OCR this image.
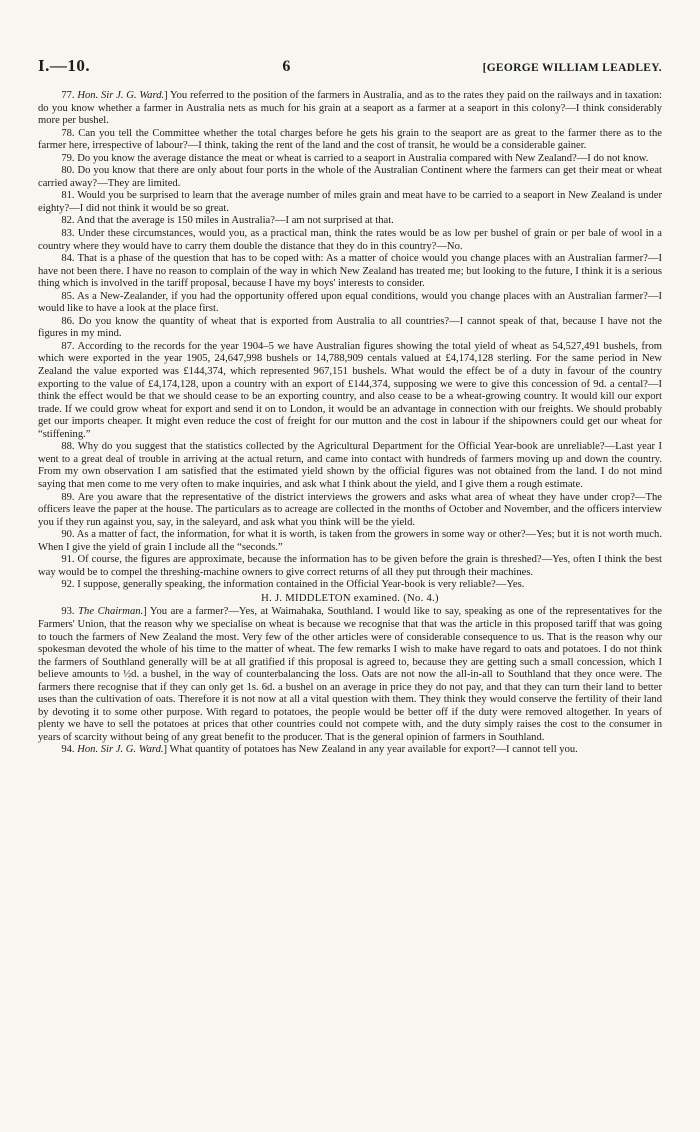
I.—10.	6	[GEORGE WILLIAM LEADLEY.

77. Hon. Sir J. G. Ward.] You referred to the position of the farmers in Australia, and as to the rates they paid on the railways and in taxation: do you know whether a farmer in Australia nets as much for his grain at a seaport as a farmer at a seaport in this colony?—I think considerably more per bushel.

78. Can you tell the Committee whether the total charges before he gets his grain to the seaport are as great to the farmer there as to the farmer here, irrespective of labour?—I think, taking the rent of the land and the cost of transit, he would be a considerable gainer.

79. Do you know the average distance the meat or wheat is carried to a seaport in Australia compared with New Zealand?—I do not know.

80. Do you know that there are only about four ports in the whole of the Australian Continent where the farmers can get their meat or wheat carried away?—They are limited.

81. Would you be surprised to learn that the average number of miles grain and meat have to be carried to a seaport in New Zealand is under eighty?—I did not think it would be so great.

82. And that the average is 150 miles in Australia?—I am not surprised at that.

83. Under these circumstances, would you, as a practical man, think the rates would be as low per bushel of grain or per bale of wool in a country where they would have to carry them double the distance that they do in this country?—No.

84. That is a phase of the question that has to be coped with: As a matter of choice would you change places with an Australian farmer?—I have not been there. I have no reason to complain of the way in which New Zealand has treated me; but looking to the future, I think it is a serious thing which is involved in the tariff proposal, because I have my boys' interests to consider.

85. As a New-Zealander, if you had the opportunity offered upon equal conditions, would you change places with an Australian farmer?—I would like to have a look at the place first.

86. Do you know the quantity of wheat that is exported from Australia to all countries?—I cannot speak of that, because I have not the figures in my mind.

87. According to the records for the year 1904–5 we have Australian figures showing the total yield of wheat as 54,527,491 bushels, from which were exported in the year 1905, 24,647,998 bushels or 14,788,909 centals valued at £4,174,128 sterling. For the same period in New Zealand the value exported was £144,374, which represented 967,151 bushels. What would the effect be of a duty in favour of the country exporting to the value of £4,174,128, upon a country with an export of £144,374, supposing we were to give this concession of 9d. a cental?—I think the effect would be that we should cease to be an exporting country, and also cease to be a wheat-growing country. It would kill our export trade. If we could grow wheat for export and send it on to London, it would be an advantage in connection with our freights. We should probably get our imports cheaper. It might even reduce the cost of freight for our mutton and the cost in labour if the shipowners could get our wheat for “stiffening.”

88. Why do you suggest that the statistics collected by the Agricultural Department for the Official Year-book are unreliable?—Last year I went to a great deal of trouble in arriving at the actual return, and came into contact with hundreds of farmers moving up and down the country. From my own observation I am satisfied that the estimated yield shown by the official figures was not obtained from the land. I do not mind saying that men come to me very often to make inquiries, and ask what I think about the yield, and I give them a rough estimate.

89. Are you aware that the representative of the district interviews the growers and asks what area of wheat they have under crop?—The officers leave the paper at the house. The particulars as to acreage are collected in the months of October and November, and the officers interview you if they run against you, say, in the saleyard, and ask what you think will be the yield.

90. As a matter of fact, the information, for what it is worth, is taken from the growers in some way or other?—Yes; but it is not worth much. When I give the yield of grain I include all the “seconds.”

91. Of course, the figures are approximate, because the information has to be given before the grain is threshed?—Yes, often I think the best way would be to compel the threshing-machine owners to give correct returns of all they put through their machines.

92. I suppose, generally speaking, the information contained in the Official Year-book is very reliable?—Yes.

H. J. MIDDLETON examined. (No. 4.)

93. The Chairman.] You are a farmer?—Yes, at Waimahaka, Southland. I would like to say, speaking as one of the representatives for the Farmers' Union, that the reason why we specialise on wheat is because we recognise that that was the article in this proposed tariff that was going to touch the farmers of New Zealand the most. Very few of the other articles were of considerable consequence to us. That is the reason why our spokesman devoted the whole of his time to the matter of wheat. The few remarks I wish to make have regard to oats and potatoes. I do not think the farmers of Southland generally will be at all gratified if this proposal is agreed to, because they are getting such a small concession, which I believe amounts to ½d. a bushel, in the way of counterbalancing the loss. Oats are not now the all-in-all to Southland that they once were. The farmers there recognise that if they can only get 1s. 6d. a bushel on an average in price they do not pay, and that they can turn their land to better uses than the cultivation of oats. Therefore it is not now at all a vital question with them. They think they would conserve the fertility of their land by devoting it to some other purpose. With regard to potatoes, the people would be better off if the duty were removed altogether. In years of plenty we have to sell the potatoes at prices that other countries could not compete with, and the duty simply raises the cost to the consumer in years of scarcity without being of any great benefit to the producer. That is the general opinion of farmers in Southland.

94. Hon. Sir J. G. Ward.] What quantity of potatoes has New Zealand in any year available for export?—I cannot tell you.
